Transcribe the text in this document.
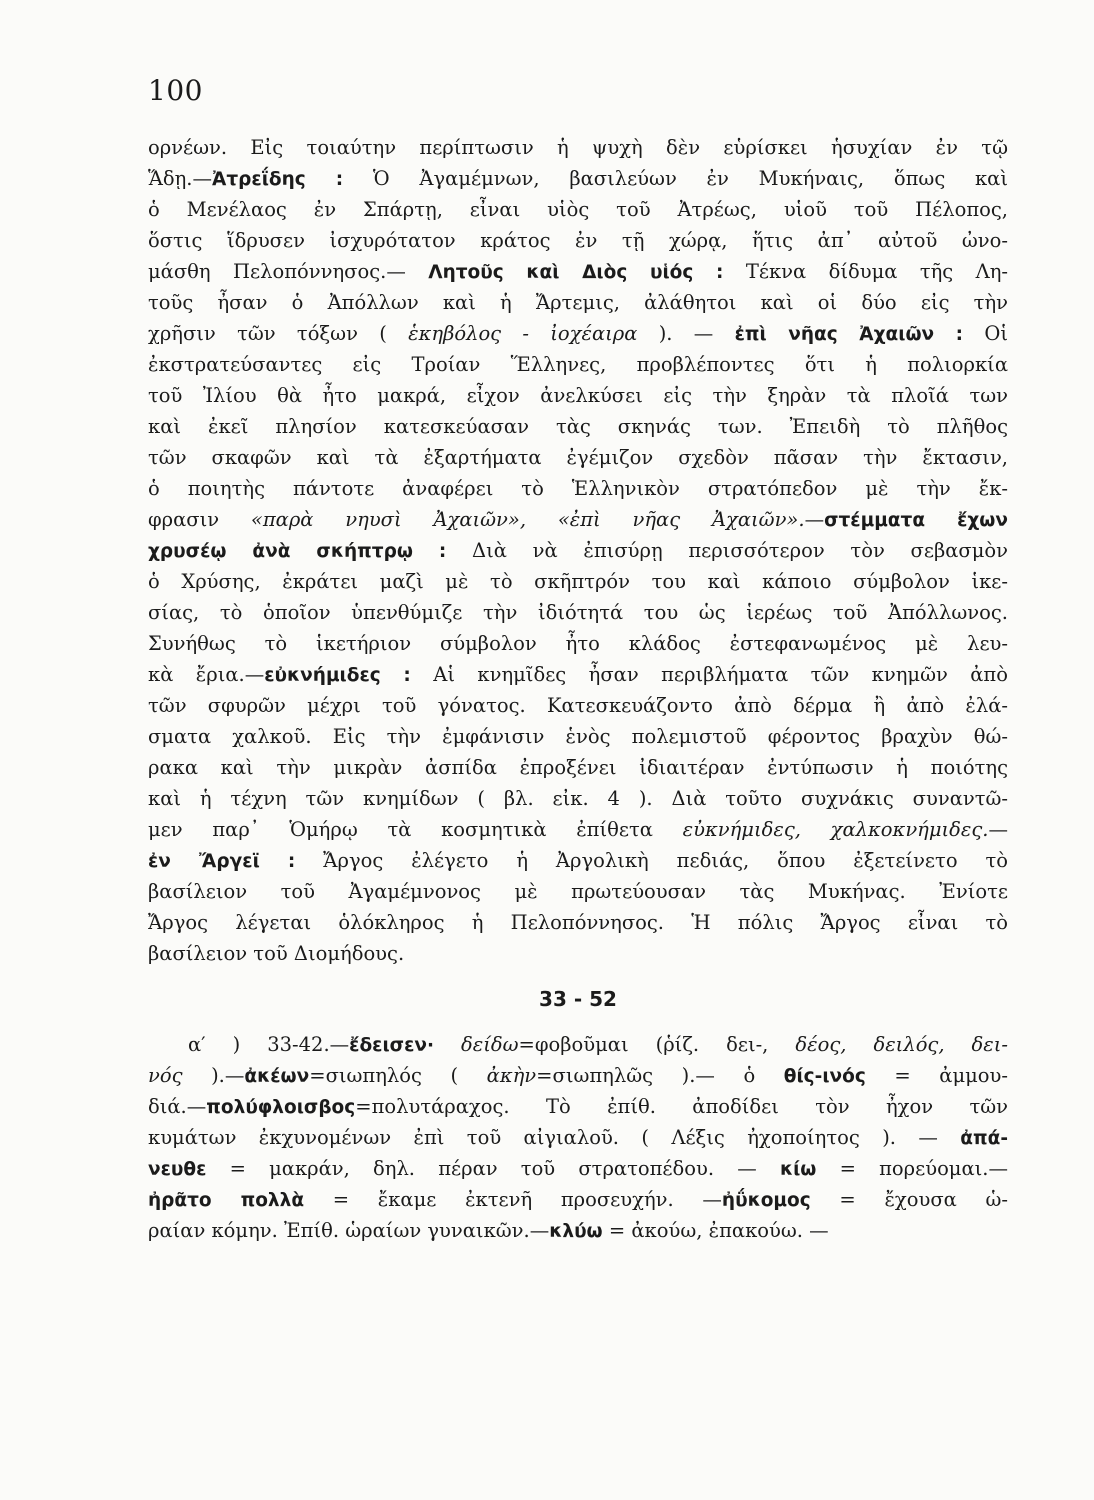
100
ορνέων. Εἰς τοιαύτην περίπτωσιν ἡ ψυχὴ δὲν εὑρίσκει ἡσυχίαν ἐν τῷ
Ἅδῃ.—Ἀτρεΐδης : Ὁ Ἀγαμέμνων, βασιλεύων ἐν Μυκήναις, ὅπως καὶ
ὁ Μενέλαος ἐν Σπάρτῃ, εἶναι υἱὸς τοῦ Ἀτρέως, υἱοῦ τοῦ Πέλοπος,
ὅστις ἵδρυσεν ἰσχυρότατον κράτος ἐν τῇ χώρᾳ, ἥτις ἀπ᾽ αὐτοῦ ὠνο-
μάσθη Πελοπόννησος.— Λητοῦς καὶ Διὸς υἱός : Τέκνα δίδυμα τῆς Λη-
τοῦς ἦσαν ὁ Ἀπόλλων καὶ ἡ Ἄρτεμις, ἀλάθητοι καὶ οἱ δύο εἰς τὴν
χρῆσιν τῶν τόξων ( ἑκηβόλος - ἰοχέαιρα ). — ἐπὶ νῆας Ἀχαιῶν : Οἱ
ἐκστρατεύσαντες εἰς Τροίαν Ἕλληνες, προβλέποντες ὅτι ἡ πολιορκία
τοῦ Ἰλίου θὰ ἦτο μακρά, εἶχον ἀνελκύσει εἰς τὴν ξηρὰν τὰ πλοῖά των
καὶ ἐκεῖ πλησίον κατεσκεύασαν τὰς σκηνάς των. Ἐπειδὴ τὸ πλῆθος
τῶν σκαφῶν καὶ τὰ ἐξαρτήματα ἐγέμιζον σχεδὸν πᾶσαν τὴν ἔκτασιν,
ὁ ποιητὴς πάντοτε ἀναφέρει τὸ Ἑλληνικὸν στρατόπεδον μὲ τὴν ἔκ-
φρασιν «παρὰ νηυσὶ Ἀχαιῶν», «ἐπὶ νῆας Ἀχαιῶν».—στέμματα ἔχων
χρυσέῳ ἀνὰ σκήπτρῳ : Διὰ νὰ ἐπισύρῃ περισσότερον τὸν σεβασμὸν
ὁ Χρύσης, ἐκράτει μαζὶ μὲ τὸ σκῆπτρόν του καὶ κάποιο σύμβολον ἱκε-
σίας, τὸ ὁποῖον ὑπενθύμιζε τὴν ἰδιότητά του ὡς ἱερέως τοῦ Ἀπόλλωνος.
Συνήθως τὸ ἱκετήριον σύμβολον ἦτο κλάδος ἐστεφανωμένος μὲ λευ-
κὰ ἔρια.—εὐκνήμιδες : Αἱ κνημῖδες ἦσαν περιβλήματα τῶν κνημῶν ἀπὸ
τῶν σφυρῶν μέχρι τοῦ γόνατος. Κατεσκευάζοντο ἀπὸ δέρμα ἢ ἀπὸ ἐλά-
σματα χαλκοῦ. Εἰς τὴν ἐμφάνισιν ἑνὸς πολεμιστοῦ φέροντος βραχὺν θώ-
ρακα καὶ τὴν μικρὰν ἀσπίδα ἐπροξένει ἰδιαιτέραν ἐντύπωσιν ἡ ποιότης
καὶ ἡ τέχνη τῶν κνημίδων ( βλ. εἰκ. 4 ). Διὰ τοῦτο συχνάκις συναντῶ-
μεν παρ᾽ Ὁμήρῳ τὰ κοσμητικὰ ἐπίθετα εὐκνήμιδες, χαλκοκνήμιδες.—
ἐν Ἄργεϊ : Ἄργος ἐλέγετο ἡ Ἀργολικὴ πεδιάς, ὅπου ἐξετείνετο τὸ
βασίλειον τοῦ Ἀγαμέμνονος μὲ πρωτεύουσαν τὰς Μυκήνας. Ἐνίοτε
Ἄργος λέγεται ὁλόκληρος ἡ Πελοπόννησος. Ἡ πόλις Ἄργος εἶναι τὸ
βασίλειον τοῦ Διομήδους.
33 - 52
α′ ) 33-42.—ἔδεισεν· δείδω=φοβοῦμαι (ῥίζ. δει-, δέος, δειλός, δει-
νός ).—ἀκέων=σιωπηλός ( ἀκὴν=σιωπηλῶς ).— ὁ θίς-ινός = ἀμμου-
διά.—πολύφλοισβος=πολυτάραχος. Τὸ ἐπίθ. ἀποδίδει τὸν ἦχον τῶν
κυμάτων ἐκχυνομένων ἐπὶ τοῦ αἰγιαλοῦ. ( Λέξις ἠχοποίητος ). — ἀπά-
νευθε = μακράν, δηλ. πέραν τοῦ στρατοπέδου. — κίω = πορεύομαι.—
ἠρᾶτο πολλὰ = ἔκαμε ἐκτενῆ προσευχήν. —ἠΰκομος = ἔχουσα ὡ-
ραίαν κόμην. Ἐπίθ. ὡραίων γυναικῶν.—κλύω = ἀκούω, ἐπακούω. —
